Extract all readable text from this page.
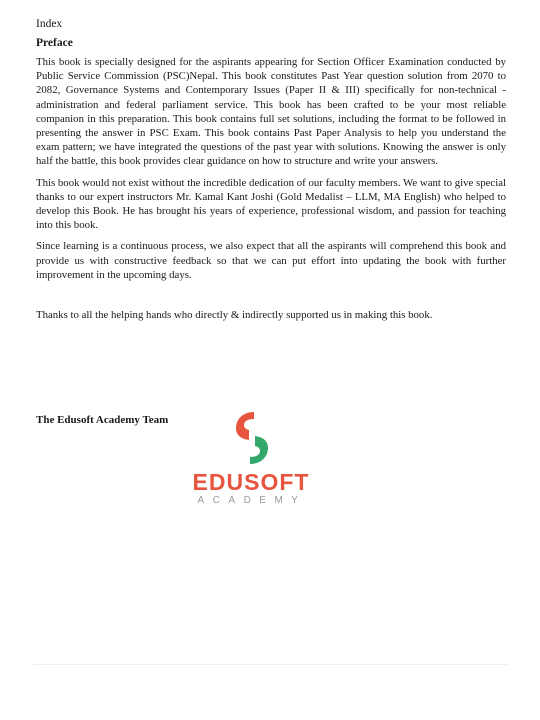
Index
Preface

This book is specially designed for the aspirants appearing for Section Officer Examination conducted by Public Service Commission (PSC)Nepal. This book constitutes Past Year question solution from 2070 to 2082, Governance Systems and Contemporary Issues (Paper II & III) specifically for non-technical - administration and federal parliament service. This book has been crafted to be your most reliable companion in this preparation. This book contains full set solutions, including the format to be followed in presenting the answer in PSC Exam. This book contains Past Paper Analysis to help you understand the exam pattern; we have integrated the questions of the past year with solutions. Knowing the answer is only half the battle, this book provides clear guidance on how to structure and write your answers.

This book would not exist without the incredible dedication of our faculty members. We want to give special thanks to our expert instructors Mr. Kamal Kant Joshi (Gold Medalist – LLM, MA English) who helped to develop this Book. He has brought his years of experience, professional wisdom, and passion for teaching into this book.

Since learning is a continuous process, we also expect that all the aspirants will comprehend this book and provide us with constructive feedback so that we can put effort into updating the book with further improvement in the upcoming days.

Thanks to all the helping hands who directly & indirectly supported us in making this book.

The Edusoft Academy Team
EDUSOFT
ACADEMY
